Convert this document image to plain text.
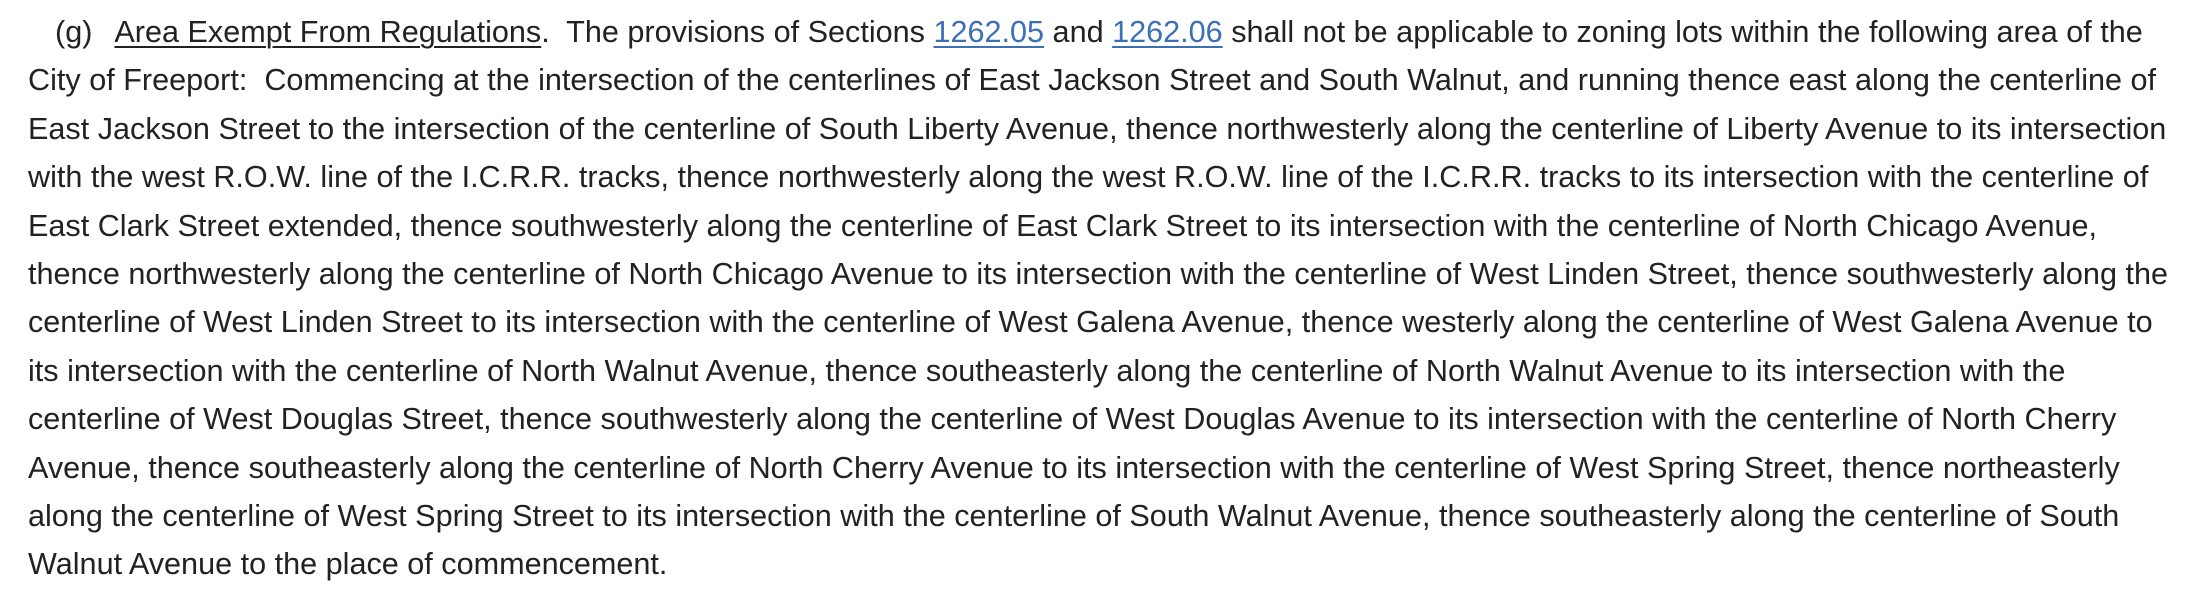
(g) Area Exempt From Regulations.  The provisions of Sections 1262.05 and 1262.06 shall not be applicable to zoning lots within the following area of the City of Freeport:  Commencing at the intersection of the centerlines of East Jackson Street and South Walnut, and running thence east along the centerline of East Jackson Street to the intersection of the centerline of South Liberty Avenue, thence northwesterly along the centerline of Liberty Avenue to its intersection with the west R.O.W. line of the I.C.R.R. tracks, thence northwesterly along the west R.O.W. line of the I.C.R.R. tracks to its intersection with the centerline of East Clark Street extended, thence southwesterly along the centerline of East Clark Street to its intersection with the centerline of North Chicago Avenue, thence northwesterly along the centerline of North Chicago Avenue to its intersection with the centerline of West Linden Street, thence southwesterly along the centerline of West Linden Street to its intersection with the centerline of West Galena Avenue, thence westerly along the centerline of West Galena Avenue to its intersection with the centerline of North Walnut Avenue, thence southeasterly along the centerline of North Walnut Avenue to its intersection with the centerline of West Douglas Street, thence southwesterly along the centerline of West Douglas Avenue to its intersection with the centerline of North Cherry Avenue, thence southeasterly along the centerline of North Cherry Avenue to its intersection with the centerline of West Spring Street, thence northeasterly along the centerline of West Spring Street to its intersection with the centerline of South Walnut Avenue, thence southeasterly along the centerline of South Walnut Avenue to the place of commencement.
